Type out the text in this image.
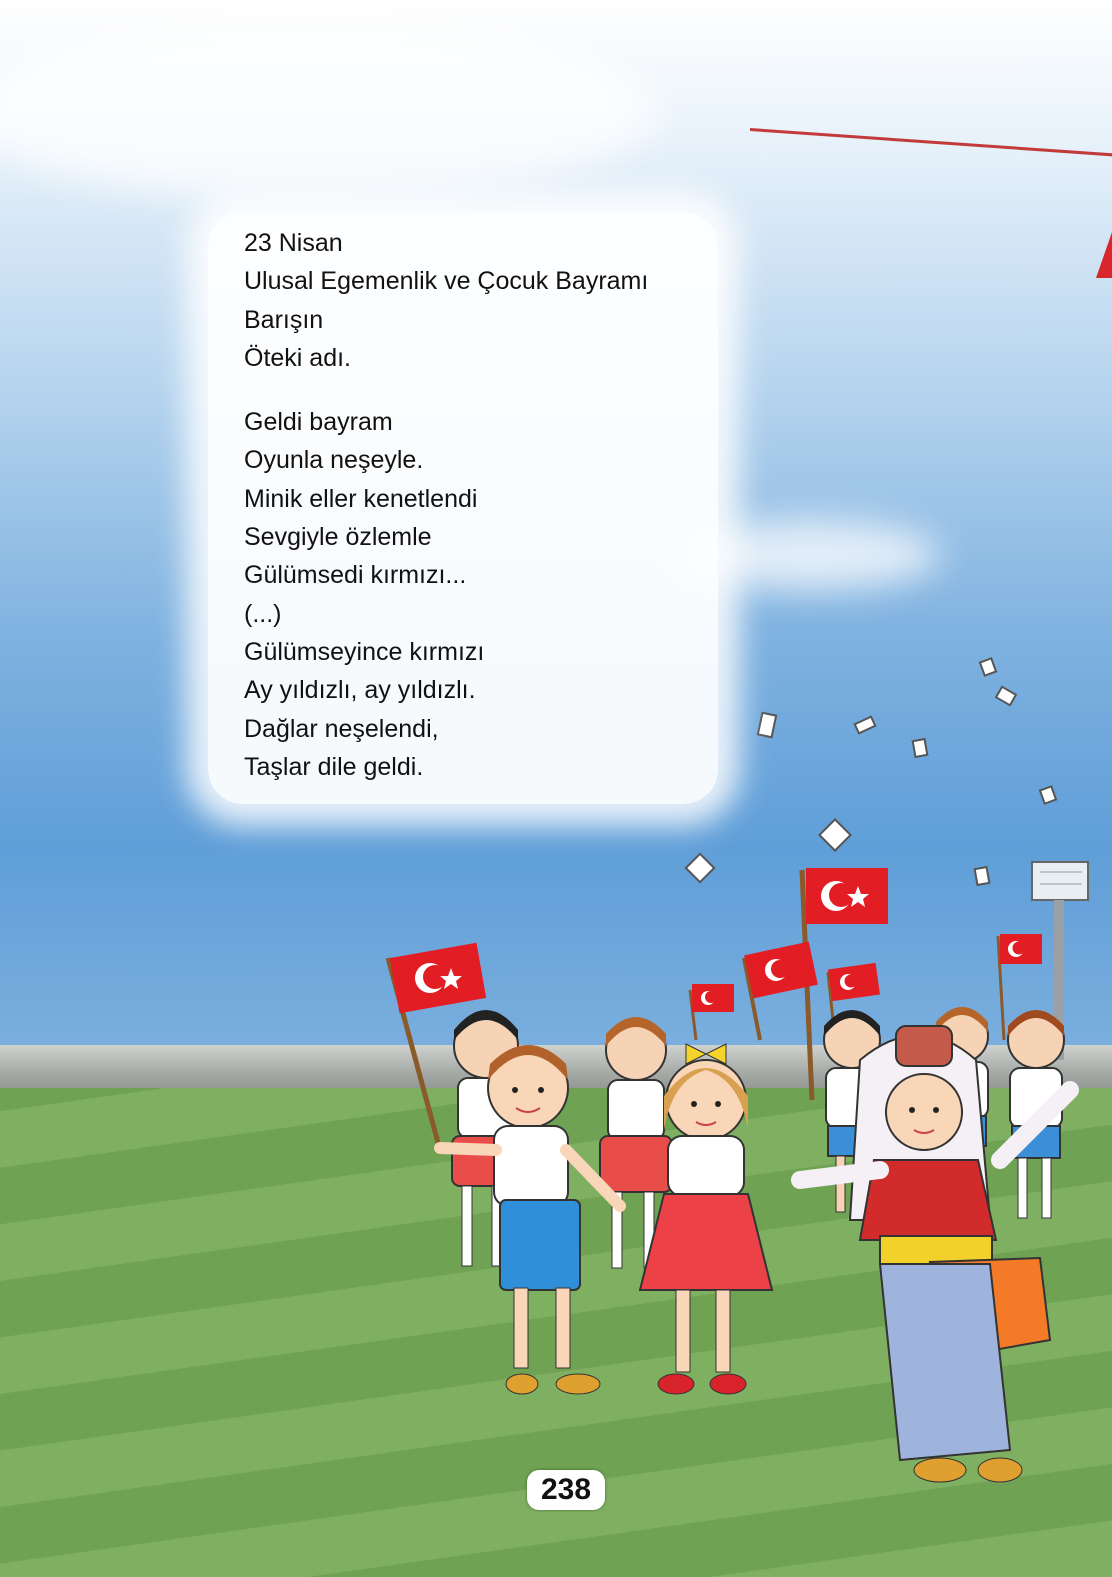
23 Nisan
Ulusal Egemenlik ve Çocuk Bayramı
Barışın
Öteki adı.
Geldi bayram
Oyunla neşeyle.
Minik eller kenetlendi
Sevgiyle özlemle
Gülümsedi kırmızı...
(...)
Gülümseyince kırmızı
Ay yıldızlı, ay yıldızlı.
Dağlar neşelendi,
Taşlar dile geldi.
238
